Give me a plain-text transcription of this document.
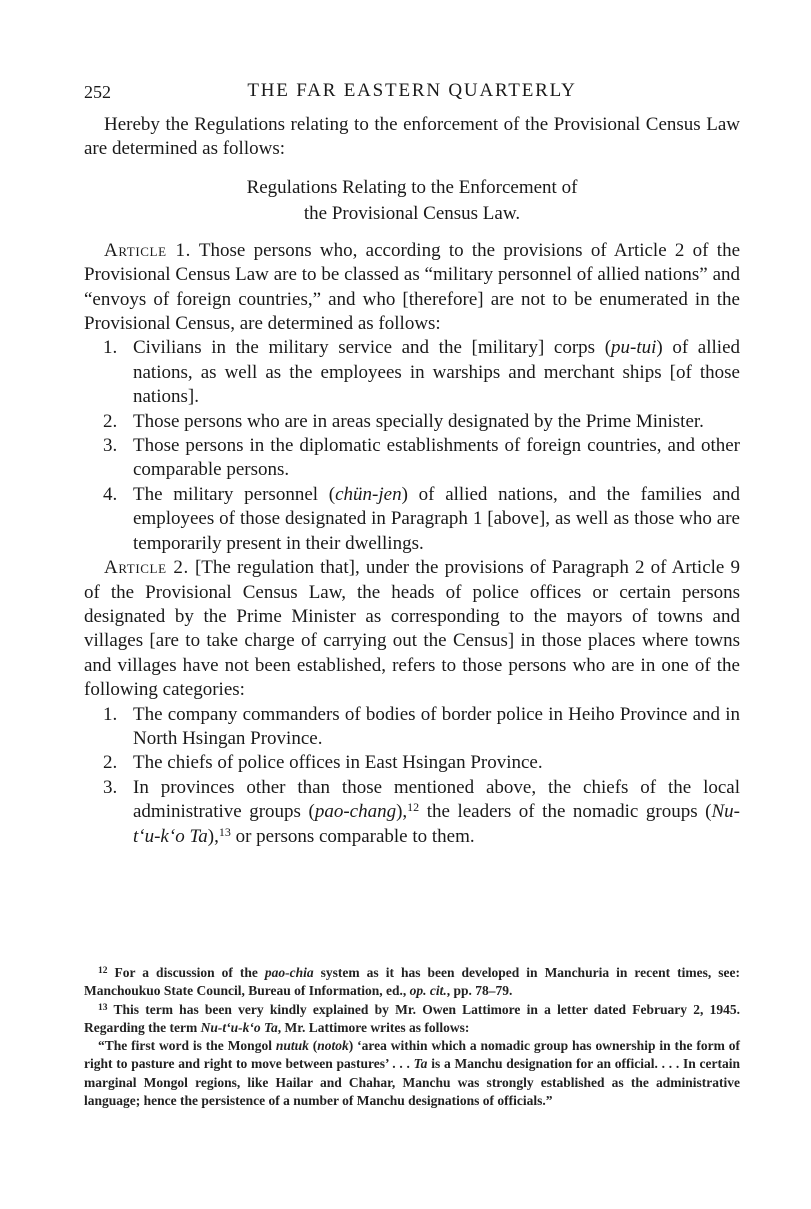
252	THE FAR EASTERN QUARTERLY

Hereby the Regulations relating to the enforcement of the Provisional Census Law are determined as follows:

Regulations Relating to the Enforcement of
the Provisional Census Law.

Article 1. Those persons who, according to the provisions of Article 2 of the Provisional Census Law are to be classed as “military personnel of allied nations” and “envoys of foreign countries,” and who [therefore] are not to be enumerated in the Provisional Census, are determined as follows:

1. Civilians in the military service and the [military] corps (pu-tui) of allied nations, as well as the employees in warships and merchant ships [of those nations].
2. Those persons who are in areas specially designated by the Prime Minister.
3. Those persons in the diplomatic establishments of foreign countries, and other comparable persons.
4. The military personnel (chün-jen) of allied nations, and the families and employees of those designated in Paragraph 1 [above], as well as those who are temporarily present in their dwellings.

Article 2. [The regulation that], under the provisions of Paragraph 2 of Article 9 of the Provisional Census Law, the heads of police offices or certain persons designated by the Prime Minister as corresponding to the mayors of towns and villages [are to take charge of carrying out the Census] in those places where towns and villages have not been established, refers to those persons who are in one of the following categories:

1. The company commanders of bodies of border police in Heiho Province and in North Hsingan Province.
2. The chiefs of police offices in East Hsingan Province.
3. In provinces other than those mentioned above, the chiefs of the local administrative groups (pao-chang),$^{12}$ the leaders of the nomadic groups (Nu-t‘u-k‘o Ta),$^{13}$ or persons comparable to them.

$^{12}$ For a discussion of the pao-chia system as it has been developed in Manchuria in recent times, see: Manchoukuo State Council, Bureau of Information, ed., op. cit., pp. 78–79.

$^{13}$ This term has been very kindly explained by Mr. Owen Lattimore in a letter dated February 2, 1945. Regarding the term Nu-t‘u-k‘o Ta, Mr. Lattimore writes as follows:

“The first word is the Mongol nutuk (notok) ‘area within which a nomadic group has ownership in the form of right to pasture and right to move between pastures’ . . . Ta is a Manchu designation for an official. . . . In certain marginal Mongol regions, like Hailar and Chahar, Manchu was strongly established as the administrative language; hence the persistence of a number of Manchu designations of officials.”
